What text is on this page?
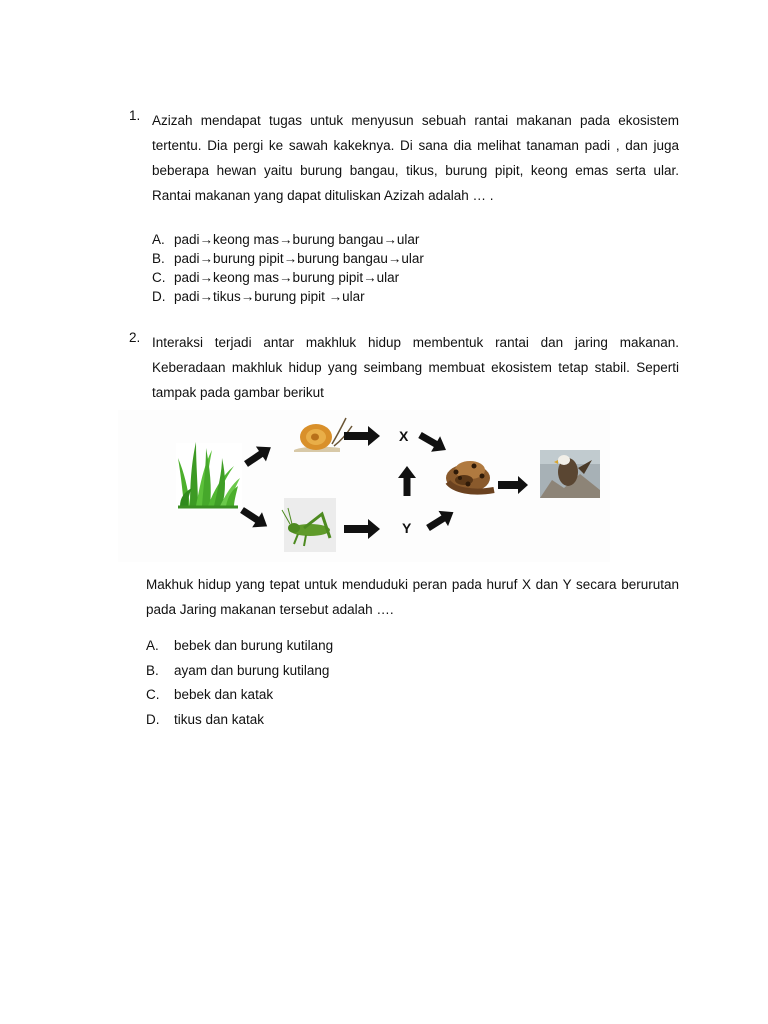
1. Azizah mendapat tugas untuk menyusun sebuah rantai makanan pada ekosistem tertentu. Dia pergi ke sawah kakeknya. Di sana dia melihat tanaman padi , dan juga beberapa hewan yaitu burung bangau, tikus, burung pipit, keong emas serta ular. Rantai makanan yang dapat dituliskan Azizah adalah … .
A. padi→keong mas→burung bangau→ular
B. padi→burung pipit→burung bangau→ular
C. padi→keong mas→burung pipit→ular
D. padi→tikus→burung pipit →ular
2. Interaksi terjadi antar makhluk hidup membentuk rantai dan jaring makanan. Keberadaan makhluk hidup yang seimbang membuat ekosistem tetap stabil. Seperti tampak pada gambar berikut
X
Y
Makhuk hidup yang tepat untuk menduduki peran pada huruf X dan Y secara berurutan pada Jaring makanan tersebut adalah ….
A.	bebek dan burung kutilang
B.	ayam dan burung kutilang
C.	bebek dan katak
D.	tikus dan katak
